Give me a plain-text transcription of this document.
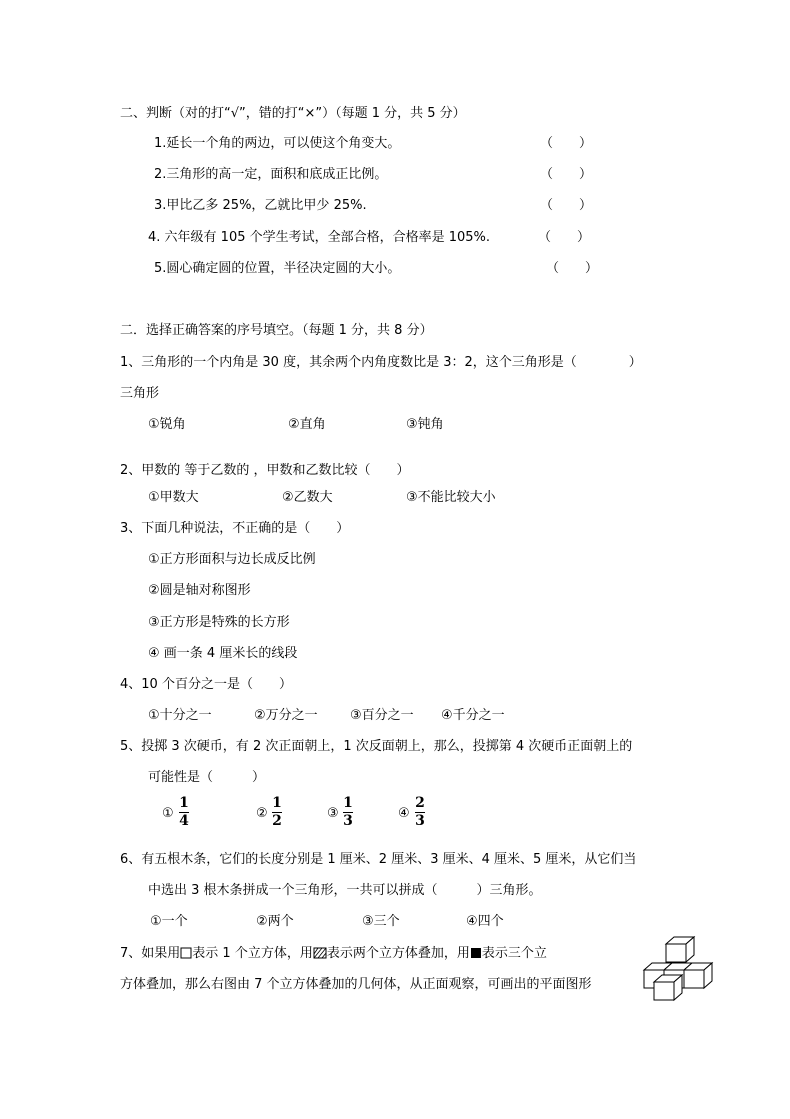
二、判断（对的打“√”，错的打“×”）（每题 1 分，共 5 分）
1.延长一个角的两边，可以使这个角变大。	（　　）
2.三角形的高一定，面积和底成正比例。	（　　）
3.甲比乙多 25%，乙就比甲少 25%.	（　　）
4. 六年级有 105 个学生考试，全部合格，合格率是 105%.	（　　）
5.圆心确定圆的位置，半径决定圆的大小。	（　　）
二．选择正确答案的序号填空。（每题 1 分，共 8 分）
1、三角形的一个内角是 30 度，其余两个内角度数比是 3：2，这个三角形是（　　　　）
三角形
①锐角	②直角	③钝角
2、甲数的 等于乙数的 ，甲数和乙数比较（　　）
①甲数大	②乙数大	③不能比较大小
3、下面几种说法，不正确的是（　　）
①正方形面积与边长成反比例
②圆是轴对称图形
③正方形是特殊的长方形
④ 画一条 4 厘米长的线段
4、10 个百分之一是（　　）
①十分之一	②万分之一 ③百分之一 ④千分之一
5、投掷 3 次硬币，有 2 次正面朝上，1 次反面朝上，那么，投掷第 4 次硬币正面朝上的
可能性是（　　　）
①
1
4	②
1
2	③
1
3	④
2
3
6、有五根木条，它们的长度分别是 1 厘米、2 厘米、3 厘米、4 厘米、5 厘米，从它们当
中选出 3 根木条拼成一个三角形，一共可以拼成（　　　）三角形。
①一个	②两个	③三个	④四个
7、如果用 表示 1 个立方体，用 表示两个立方体叠加，用 表示三个立
方体叠加，那么右图由 7 个立方体叠加的几何体，从正面观察，可画出的平面图形
